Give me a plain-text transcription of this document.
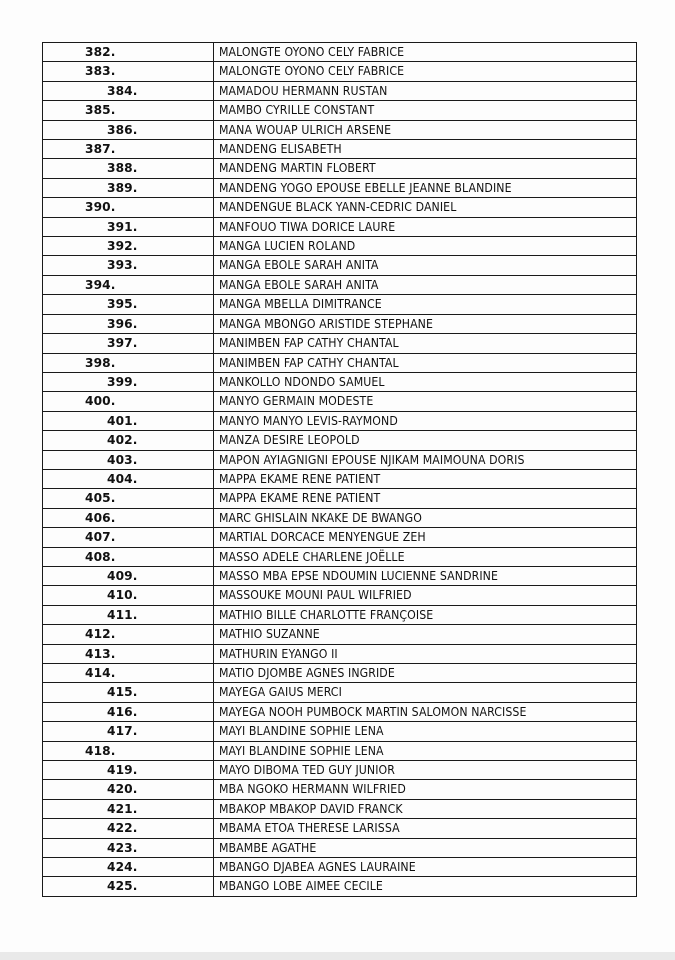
382.	MALONGTE OYONO CELY FABRICE
383.	MALONGTE OYONO CELY FABRICE
384.	MAMADOU HERMANN RUSTAN
385.	MAMBO CYRILLE CONSTANT
386.	MANA WOUAP ULRICH ARSENE
387.	MANDENG ELISABETH
388.	MANDENG MARTIN FLOBERT
389.	MANDENG YOGO EPOUSE EBELLE JEANNE BLANDINE
390.	MANDENGUE BLACK YANN-CEDRIC DANIEL
391.	MANFOUO TIWA DORICE LAURE
392.	MANGA LUCIEN ROLAND
393.	MANGA EBOLE SARAH ANITA
394.	MANGA EBOLE SARAH ANITA
395.	MANGA MBELLA DIMITRANCE
396.	MANGA MBONGO ARISTIDE STEPHANE
397.	MANIMBEN FAP CATHY CHANTAL
398.	MANIMBEN FAP CATHY CHANTAL
399.	MANKOLLO NDONDO SAMUEL
400.	MANYO GERMAIN MODESTE
401.	MANYO MANYO LEVIS-RAYMOND
402.	MANZA DESIRE LEOPOLD
403.	MAPON AYIAGNIGNI EPOUSE NJIKAM MAIMOUNA DORIS
404.	MAPPA EKAME RENE PATIENT
405.	MAPPA EKAME RENE PATIENT
406.	MARC GHISLAIN NKAKE DE BWANGO
407.	MARTIAL DORCACE MENYENGUE ZEH
408.	MASSO ADELE CHARLENE JOËLLE
409.	MASSO MBA EPSE NDOUMIN LUCIENNE SANDRINE
410.	MASSOUKE MOUNI PAUL WILFRIED
411.	MATHIO BILLE CHARLOTTE FRANÇOISE
412.	MATHIO SUZANNE
413.	MATHURIN EYANGO II
414.	MATIO DJOMBE AGNES INGRIDE
415.	MAYEGA GAIUS MERCI
416.	MAYEGA NOOH PUMBOCK MARTIN SALOMON NARCISSE
417.	MAYI BLANDINE SOPHIE LENA
418.	MAYI BLANDINE SOPHIE LENA
419.	MAYO DIBOMA TED GUY JUNIOR
420.	MBA NGOKO HERMANN WILFRIED
421.	MBAKOP MBAKOP DAVID FRANCK
422.	MBAMA ETOA THERESE LARISSA
423.	MBAMBE AGATHE
424.	MBANGO DJABEA AGNES LAURAINE
425.	MBANGO LOBE AIMEE CECILE
